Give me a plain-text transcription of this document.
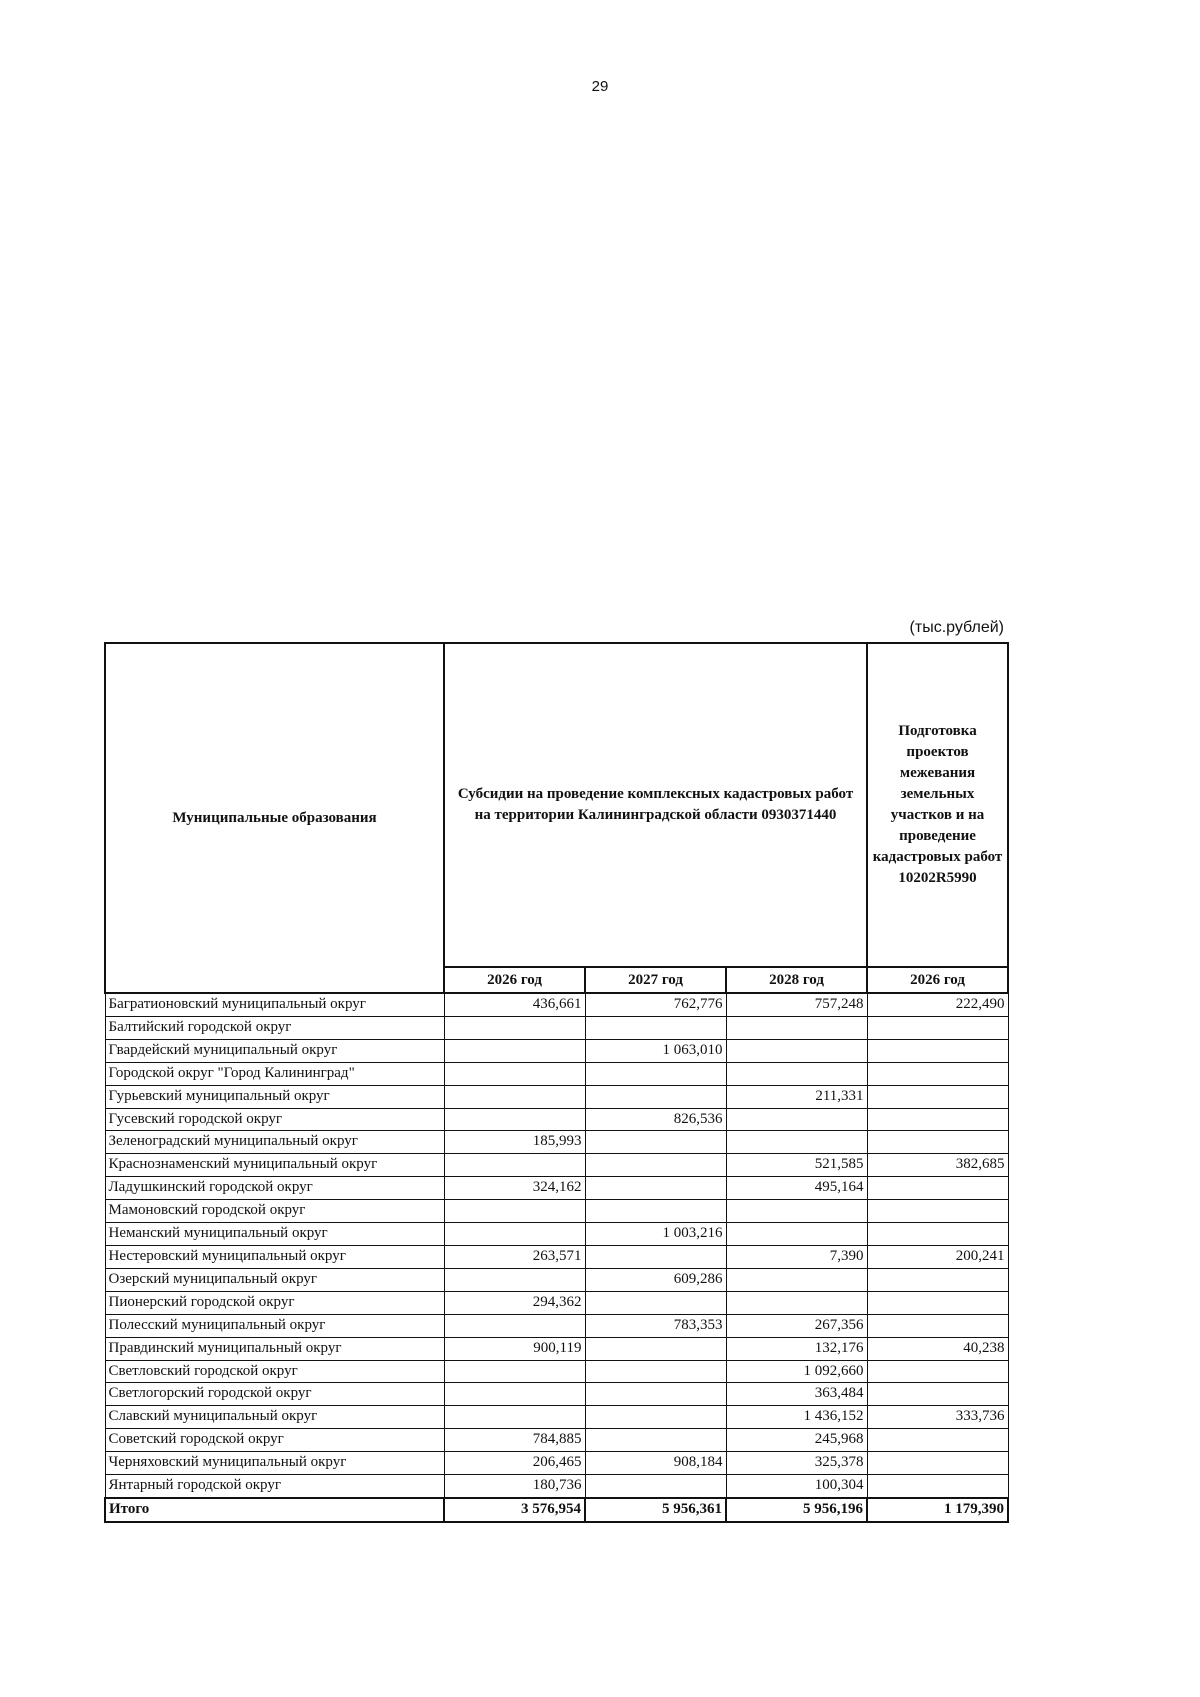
29
(тыс.рублей)
Муниципальные образования	Субсидии на проведение комплексных кадастровых работ на территории Калининградской области 0930371440			Подготовка проектов межевания земельных участков и на проведение кадастровых работ 10202R5990
	2026 год	2027 год	2028 год	2026 год
Багратионовский муниципальный округ	436,661	762,776	757,248	222,490
Балтийский городской округ				
Гвардейский муниципальный округ		1 063,010		
Городской округ "Город Калининград"				
Гурьевский муниципальный округ			211,331	
Гусевский городской округ		826,536		
Зеленоградский муниципальный округ	185,993			
Краснознаменский муниципальный округ			521,585	382,685
Ладушкинский городской округ	324,162		495,164	
Мамоновский городской округ				
Неманский муниципальный округ		1 003,216		
Нестеровский муниципальный округ	263,571		7,390	200,241
Озерский муниципальный округ		609,286		
Пионерский городской округ	294,362			
Полесский муниципальный округ		783,353	267,356	
Правдинский муниципальный округ	900,119		132,176	40,238
Светловский городской округ			1 092,660	
Светлогорский городской округ			363,484	
Славский муниципальный округ			1 436,152	333,736
Советский городской округ	784,885		245,968	
Черняховский муниципальный округ	206,465	908,184	325,378	
Янтарный городской округ	180,736		100,304	
Итого	3 576,954	5 956,361	5 956,196	1 179,390
